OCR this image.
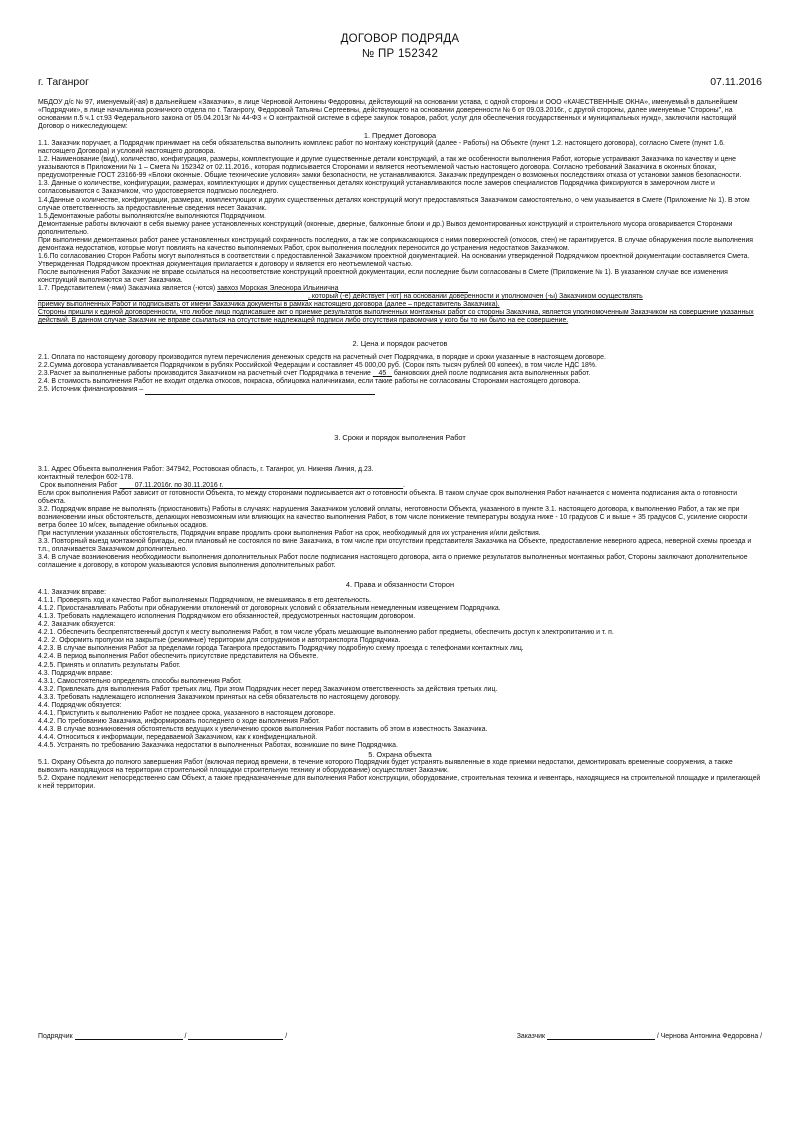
ДОГОВОР ПОДРЯДА
№ ПР 152342
г. Таганрог	07.11.2016

МБДОУ д/с № 97, именуемый(-ая) в дальнейшем «Заказчик», в лице Черновой Антонины Федоровны, действующий на основании устава, с одной стороны и ООО «КАЧЕСТВЕННЫЕ ОКНА», именуемый в дальнейшем «Подрядчик», в лице начальника розничного отдела по г. Таганрогу, Федоровой Татьяны Сергеевны, действующего на основании доверенности № 6 от 09.03.2016г., с другой стороны, далее именуемые "Стороны", на основании п.5 ч.1 ст.93 Федерального закона от 05.04.2013г № 44-ФЗ « О контрактной системе в сфере закупок товаров, работ, услуг для обеспечения государственных и муниципальных нужд», заключили настоящий Договор о нижеследующем:

1. Предмет Договора

1.1. Заказчик поручает, а Подрядчик принимает на себя обязательства выполнить комплекс работ по монтажу конструкций (далее - Работы) на Объекте (пункт 1.2. настоящего договора), согласно Смете (пункт 1.6. настоящего Договора) и условий настоящего договора.

1.2. Наименование (вид), количество, конфигурация, размеры, комплектующие и другие существенные детали конструкций, а так же особенности выполнения Работ, которые устраивают Заказчика по качеству и цене указываются в Приложении № 1 – Смета № 152342 от 02.11.2016., которая подписывается Сторонами и является неотъемлемой частью настоящего договора. Согласно требований Заказчика в оконных блоках, предусмотренные ГОСТ 23166-99 «Блоки оконные. Общие технические условия» замки безопасности, не устанавливаются. Заказчик предупрежден о возможных последствиях отказа от установки замков безопасности.

1.3. Данные о количестве, конфигурации, размерах, комплектующих и других существенных деталях конструкций устанавливаются после замеров специалистов Подрядчика фиксируются в замерочном листе и согласовываются с Заказчиком, что удостоверяется подписью последнего.

1.4.Данные о количестве, конфигурации, размерах, комплектующих и других существенных деталях конструкций могут предоставляться Заказчиком самостоятельно, о чем указывается в Смете (Приложение № 1). В этом случае ответственность за предоставленные сведения несет Заказчик.

1.5.Демонтажные работы выполняются/не выполняются Подрядчиком.

Демонтажные работы включают в себя выемку ранее установленных конструкций (оконные, дверные, балконные блоки и др.) Вывоз демонтированных конструкций и строительного мусора оговаривается Сторонами дополнительно.

При выполнении демонтажных работ ранее установленных конструкций сохранность последних, а так же соприкасающихся с ними поверхностей (откосов, стен) не гарантируется. В случае обнаружения после выполнения демонтажа недостатков, которые могут повлиять на качество выполняемых Работ, срок выполнения последних переносится до устранения недостатков Заказчиком.

1.6.По согласованию Сторон Работы могут выполняться в соответствии с предоставленной Заказчиком проектной документацией. На основании утвержденной Подрядчиком проектной документации составляется Смета. Утвержденная Подрядчиком проектная документация прилагается к договору и является его неотъемлемой частью.

После выполнения Работ Заказчик не вправе ссылаться на несоответствие конструкций проектной документации, если последние были согласованы в Смете (Приложение № 1). В указанном случае все изменения конструкций выполняются за счет Заказчика.

1.7. Представителем (-ями) Заказчика является (-ются) завхоз Морская Элеонора Ильинична

, который (-е) действует (-ют) на основании доверенности и уполномочен (-ы) Заказчиком осуществлять

приемку выполненных Работ и подписывать от имени Заказчика документы в рамках настоящего договора (далее – представитель Заказчика).

Стороны пришли к единой договоренности, что любое лицо подписавшее акт о приемке результатов выполненных монтажных работ со стороны Заказчика, является уполномоченным Заказчиком на совершение указанных действий. В данном случае Заказчик не вправе ссылаться на отсутствие надлежащей подписи либо отсутствия правомочия у кого бы то ни было на ее совершение.

2. Цена и порядок расчетов

2.1. Оплата по настоящему договору производится путем перечисления денежных средств на расчетный счет Подрядчика, в порядке и сроки указанные в настоящем договоре.

2.2.Сумма договора устанавливается Подрядчиком в рублях Российской Федерации и составляет 45 000,00 руб. (Сорок пять тысяч рублей 00 копеек), в том числе НДС 18%.

2.3.Расчет за выполненные работы производится Заказчиком на расчетный счет Подрядчика в течение 45 банковских дней после подписания акта выполненных работ.

2.4. В стоимость выполнения Работ не входит отделка откосов, покраска, облицовка наличниками, если такие работы не согласованы Сторонами настоящего договора.

2.5. Источник финансирования –

3. Сроки и порядок выполнения Работ

3.1. Адрес Объекта выполнения Работ: 347942, Ростовская область, г. Таганрог, ул. Нижняя Линия, д.23.

контактный телефон 602-178.

Срок выполнения Работ	07.11.2016г. по 30.11.2016 г.	.

Если срок выполнения Работ зависит от готовности Объекта, то между сторонами подписывается акт о готовности объекта. В таком случае срок выполнения Работ начинается с момента подписания акта о готовности объекта.

3.2. Подрядчик вправе не выполнять (приостановить) Работы в случаях: нарушения Заказчиком условий оплаты, неготовности Объекта, указанного в пункте 3.1. настоящего договора, к выполнению Работ, а так же при возникновении иных обстоятельств, делающих невозможным или влияющих на качество выполнения Работ, в том числе понижение температуры воздуха ниже - 10 градусов С и выше + 35 градусов С, усиление скорости ветра более 10 м/сек, выпадение обильных осадков.

При наступлении указанных обстоятельств, Подрядчик вправе продлить сроки выполнения Работ на срок, необходимый для их устранения и/или действия.

3.3. Повторный выезд монтажной бригады, если плановый не состоялся по вине Заказчика, в том числе при отсутствии представителя Заказчика на Объекте, предоставление неверного адреса, неверной схемы проезда и т.п., оплачивается Заказчиком дополнительно.

3.4. В случае возникновения необходимости выполнения дополнительных Работ после подписания настоящего договора, акта о приемке результатов выполненных монтажных работ, Стороны заключают дополнительное соглашение к договору, в котором указываются условия выполнения дополнительных работ.

4. Права и обязанности Сторон

4.1. Заказчик вправе:

4.1.1. Проверять ход и качество Работ выполняемых Подрядчиком, не вмешиваясь в его деятельность.

4.1.2. Приостанавливать Работы при обнаружении отклонений от договорных условий с обязательным немедленным извещением Подрядчика.

4.1.3. Требовать надлежащего исполнения Подрядчиком его обязанностей, предусмотренных настоящим договором.

4.2. Заказчик обязуется:

4.2.1. Обеспечить беспрепятственный доступ к месту выполнения Работ, в том числе убрать мешающие выполнению работ предметы, обеспечить доступ к электропитанию и т. п.

4.2. 2. Оформить пропуски на закрытые (режимные) территории для сотрудников и автотранспорта Подрядчика.

4.2.3. В случае выполнения Работ за пределами города Таганрога предоставить Подрядчику подробную схему проезда с телефонами контактных лиц.

4.2.4. В период выполнения Работ обеспечить присутствие представителя на Объекте.

4.2.5. Принять и оплатить результаты Работ.

4.3. Подрядчик вправе:

4.3.1. Самостоятельно определять способы выполнения Работ.

4.3.2. Привлекать для выполнения Работ третьих лиц. При этом Подрядчик несет перед Заказчиком ответственность за действия третьих лиц.

4.3.3. Требовать надлежащего исполнения Заказчиком принятых на себя обязательств по настоящему договору.

4.4. Подрядчик обязуется:

4.4.1. Приступить к выполнению Работ не позднее срока, указанного в настоящем договоре.

4.4.2. По требованию Заказчика, информировать последнего о ходе выполнения Работ.

4.4.3. В случае возникновения обстоятельств ведущих к увеличению сроков выполнения Работ поставить об этом в известность Заказчика.

4.4.4. Относиться к информации, передаваемой Заказчиком, как к конфиденциальной.

4.4.5. Устранять по требованию Заказчика недостатки в выполненных Работах, возникшие по вине Подрядчика.

5. Охрана объекта

5.1. Охрану Объекта до полного завершения Работ (включая период времени, в течение которого Подрядчик будет устранять выявленные в ходе приемки недостатки, демонтировать временные сооружения, а также вывозить находящуюся на территории строительной площадки строительную технику и оборудование) осуществляет Заказчик.

5.2. Охране подлежит непосредственно сам Объект, а также предназначенные для выполнения Работ конструкции, оборудование, строительная техника и инвентарь, находящиеся на строительной площадке и прилегающей к ней территории.

Подрядчик	/	/	Заказчик	/ Чернова Антонина Федоровна /
